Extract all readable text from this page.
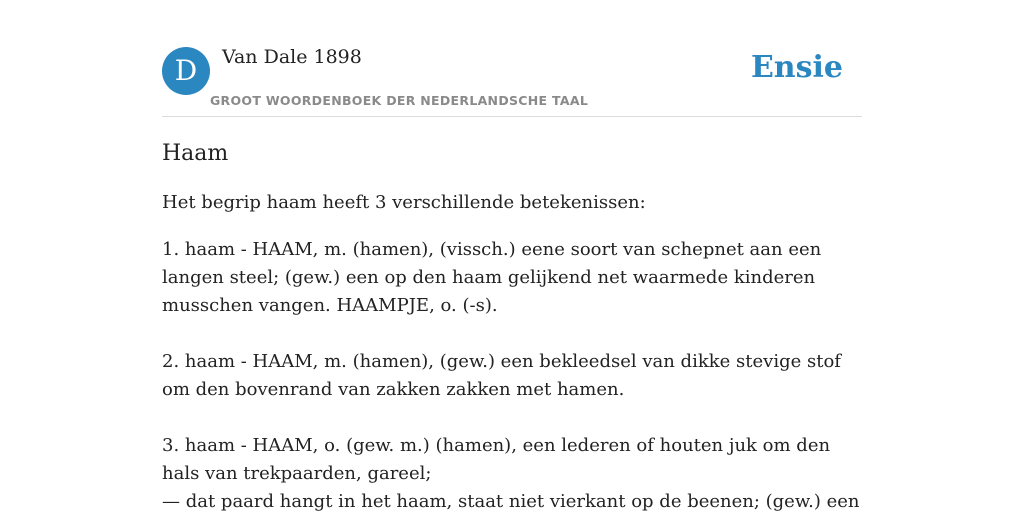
D	Van Dale 1898
GROOT WOORDENBOEK DER NEDERLANDSCHE TAAL
Ensie
Haam

Het begrip haam heeft 3 verschillende betekenissen:

1. haam - HAAM, m. (hamen), (vissch.) eene soort van schepnet aan een langen steel; (gew.) een op den haam gelijkend net waarmede kinderen musschen vangen. HAAMPJE, o. (-s).
2. haam - HAAM, m. (hamen), (gew.) een bekleedsel van dikke stevige stof om den bovenrand van zakken zakken met hamen.
3. haam - HAAM, o. (gew. m.) (hamen), een lederen of houten juk om den hals van trekpaarden, gareel;
— dat paard hangt in het haam, staat niet vierkant op de beenen; (gew.) een
